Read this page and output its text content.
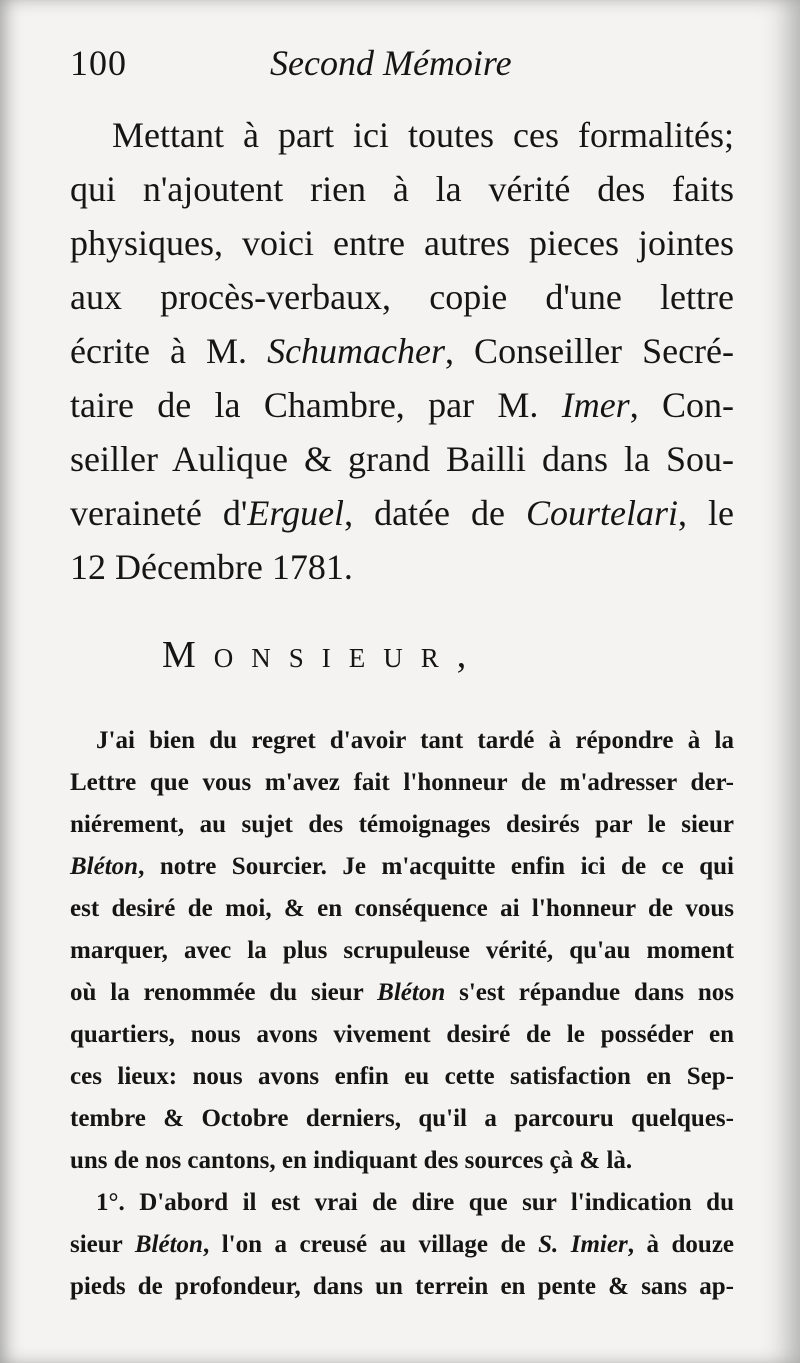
100	Second Mémoire
Mettant à part ici toutes ces formalités;
qui n'ajoutent rien à la vérité des faits
physiques, voici entre autres pieces jointes
aux procès-verbaux, copie d'une lettre
écrite à M. Schumacher, Conseiller Secré-
taire de la Chambre, par M. Imer, Con-
seiller Aulique & grand Bailli dans la Sou-
veraineté d'Erguel, datée de Courtelari, le
12 Décembre 1781.
Monsieur,
J'ai bien du regret d'avoir tant tardé à répondre à la
Lettre que vous m'avez fait l'honneur de m'adresser der-
niérement, au sujet des témoignages desirés par le sieur
Bléton, notre Sourcier. Je m'acquitte enfin ici de ce qui
est desiré de moi, & en conséquence ai l'honneur de vous
marquer, avec la plus scrupuleuse vérité, qu'au moment
où la renommée du sieur Bléton s'est répandue dans nos
quartiers, nous avons vivement desiré de le posséder en
ces lieux: nous avons enfin eu cette satisfaction en Sep-
tembre & Octobre derniers, qu'il a parcouru quelques-
uns de nos cantons, en indiquant des sources çà & là.
1°. D'abord il est vrai de dire que sur l'indication du
sieur Bléton, l'on a creusé au village de S. Imier, à douze
pieds de profondeur, dans un terrein en pente & sans ap-
